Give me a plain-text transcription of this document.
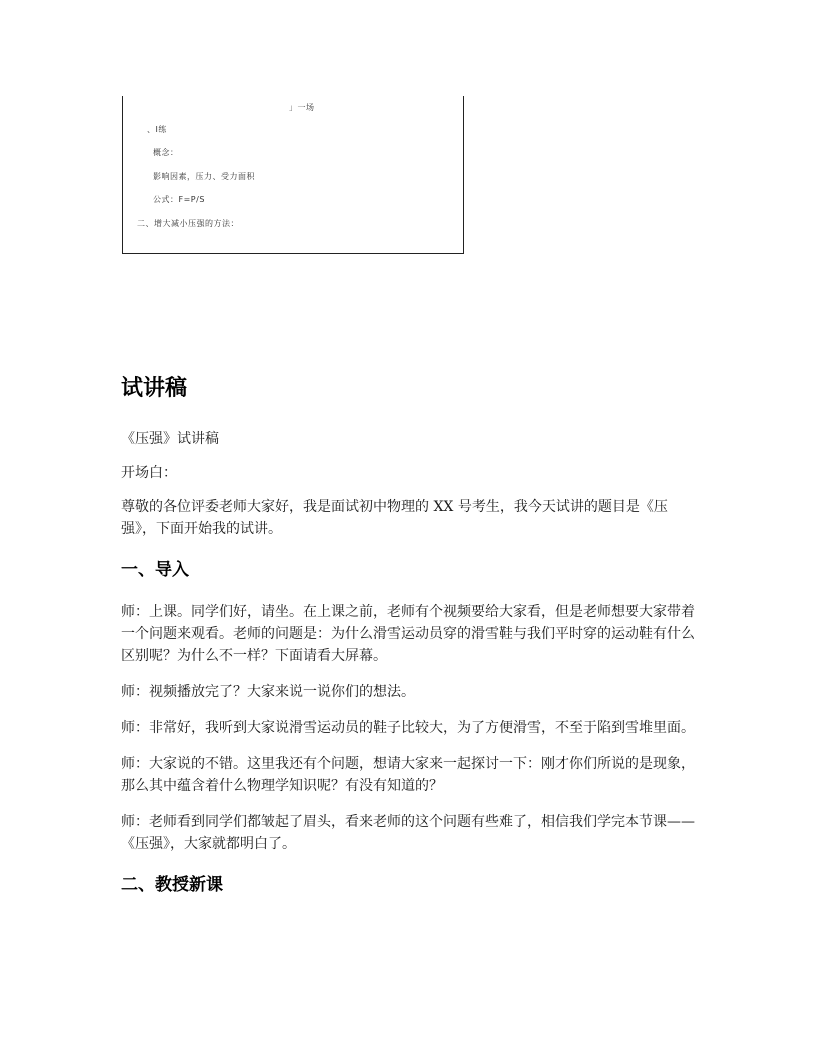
」一场
、I练
概念：
影响因素，压力、受力面积
公式：F=P/S
二、增大减小压强的方法：
试讲稿

《压强》试讲稿

开场白：

尊敬的各位评委老师大家好，我是面试初中物理的 XX 号考生，我今天试讲的题目是《压强》，下面开始我的试讲。

一、导入

师：上课。同学们好，请坐。在上课之前，老师有个视频要给大家看，但是老师想要大家带着一个问题来观看。老师的问题是：为什么滑雪运动员穿的滑雪鞋与我们平时穿的运动鞋有什么区别呢？为什么不一样？下面请看大屏幕。

师：视频播放完了？大家来说一说你们的想法。

师：非常好，我听到大家说滑雪运动员的鞋子比较大，为了方便滑雪，不至于陷到雪堆里面。

师：大家说的不错。这里我还有个问题，想请大家来一起探讨一下：刚才你们所说的是现象，那么其中蕴含着什么物理学知识呢？有没有知道的？

师：老师看到同学们都皱起了眉头，看来老师的这个问题有些难了，相信我们学完本节课——《压强》，大家就都明白了。

二、教授新课
